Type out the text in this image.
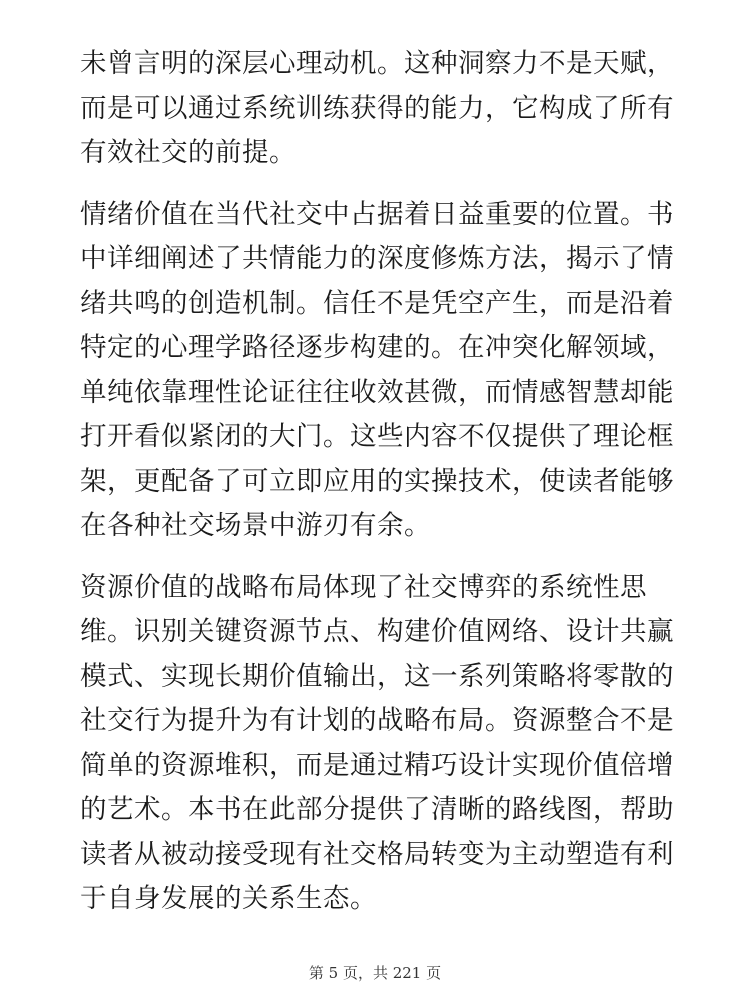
未曾言明的深层心理动机。这种洞察力不是天赋，
而是可以通过系统训练获得的能力，它构成了所有
有效社交的前提。

情绪价值在当代社交中占据着日益重要的位置。书
中详细阐述了共情能力的深度修炼方法，揭示了情
绪共鸣的创造机制。信任不是凭空产生，而是沿着
特定的心理学路径逐步构建的。在冲突化解领域，
单纯依靠理性论证往往收效甚微，而情感智慧却能
打开看似紧闭的大门。这些内容不仅提供了理论框
架，更配备了可立即应用的实操技术，使读者能够
在各种社交场景中游刃有余。

资源价值的战略布局体现了社交博弈的系统性思
维。识别关键资源节点、构建价值网络、设计共赢
模式、实现长期价值输出，这一系列策略将零散的
社交行为提升为有计划的战略布局。资源整合不是
简单的资源堆积，而是通过精巧设计实现价值倍增
的艺术。本书在此部分提供了清晰的路线图，帮助
读者从被动接受现有社交格局转变为主动塑造有利
于自身发展的关系生态。

第 5 页，共 221 页
